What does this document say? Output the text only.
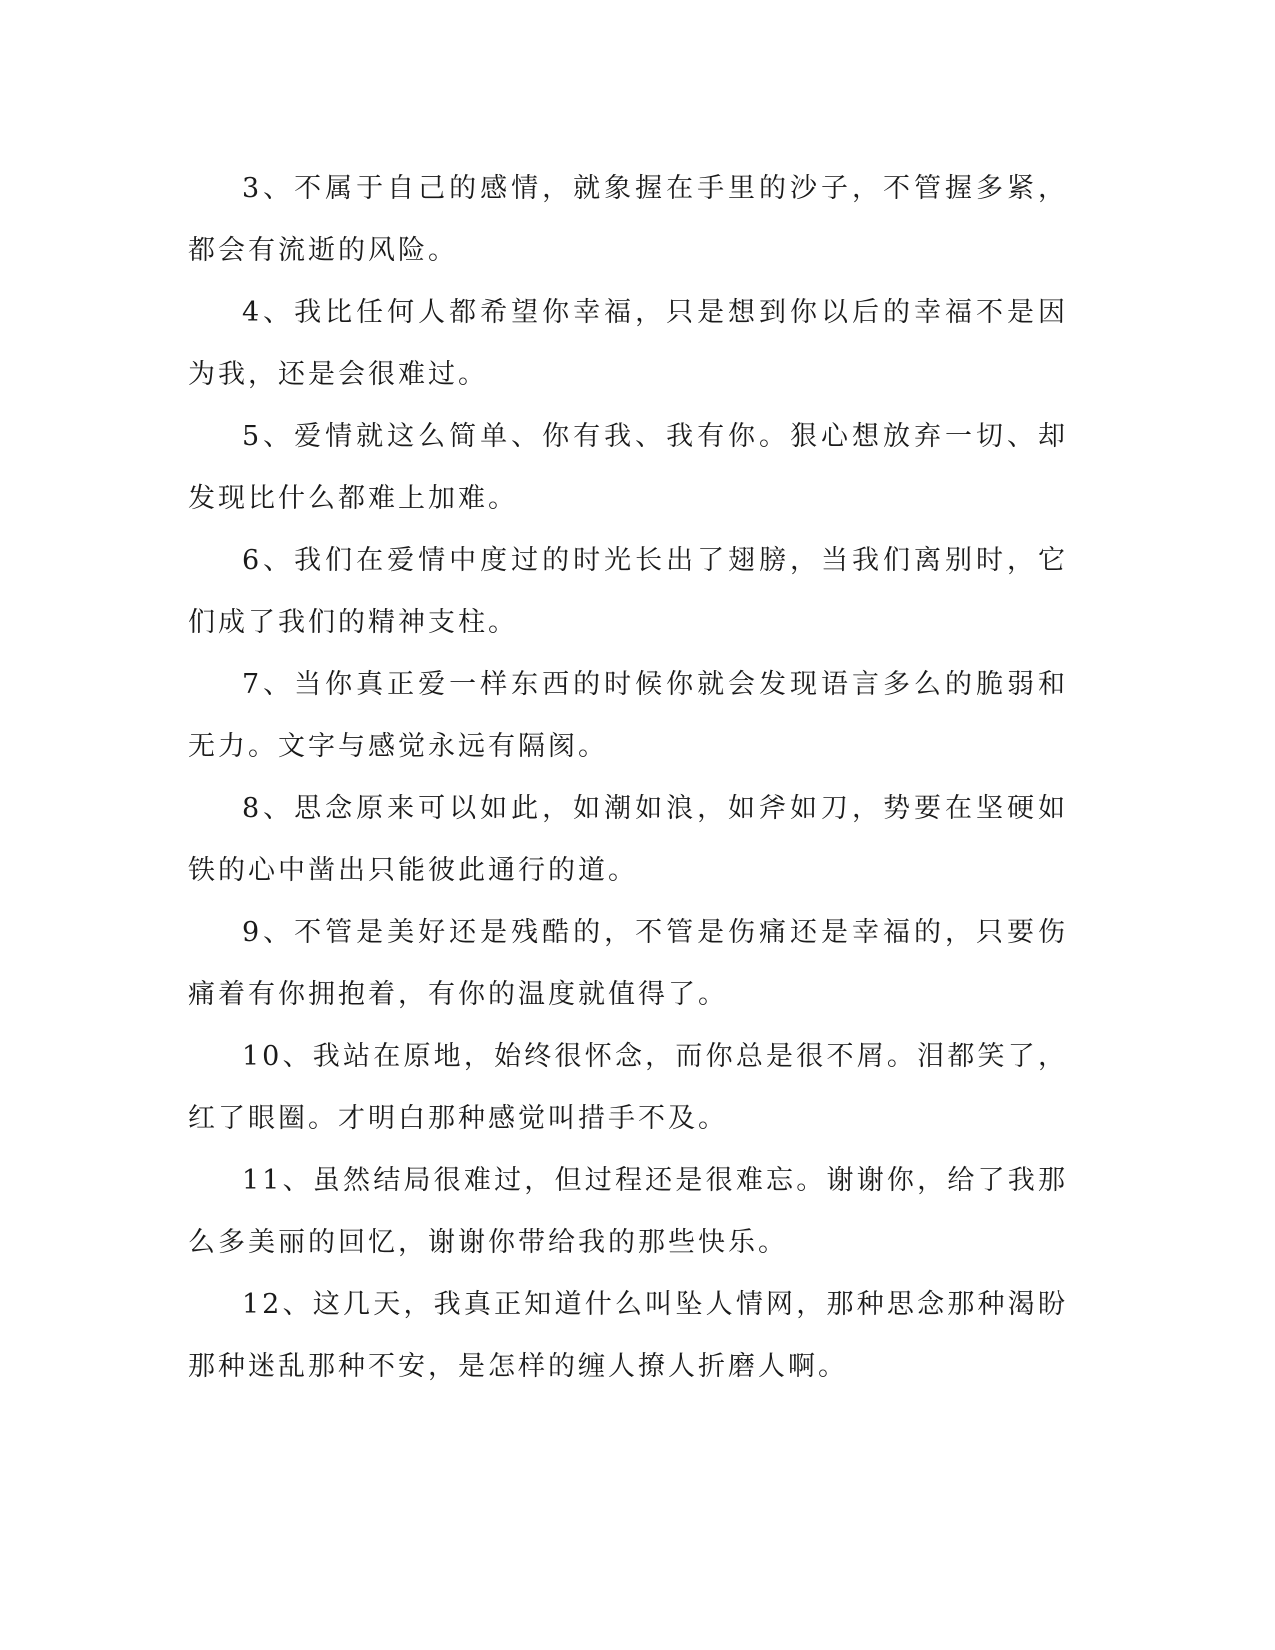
3、不属于自己的感情，就象握在手里的沙子，不管握多紧，都会有流逝的风险。

4、我比任何人都希望你幸福，只是想到你以后的幸福不是因为我，还是会很难过。

5、爱情就这么简单、你有我、我有你。狠心想放弃一切、却发现比什么都难上加难。

6、我们在爱情中度过的时光长出了翅膀，当我们离别时，它们成了我们的精神支柱。

7、当你真正爱一样东西的时候你就会发现语言多么的脆弱和无力。文字与感觉永远有隔阂。

8、思念原来可以如此，如潮如浪，如斧如刀，势要在坚硬如铁的心中凿出只能彼此通行的道。

9、不管是美好还是残酷的，不管是伤痛还是幸福的，只要伤痛着有你拥抱着，有你的温度就值得了。

10、我站在原地，始终很怀念，而你总是很不屑。泪都笑了，红了眼圈。才明白那种感觉叫措手不及。

11、虽然结局很难过，但过程还是很难忘。谢谢你，给了我那么多美丽的回忆，谢谢你带给我的那些快乐。

12、这几天，我真正知道什么叫坠人情网，那种思念那种渴盼那种迷乱那种不安，是怎样的缠人撩人折磨人啊。
